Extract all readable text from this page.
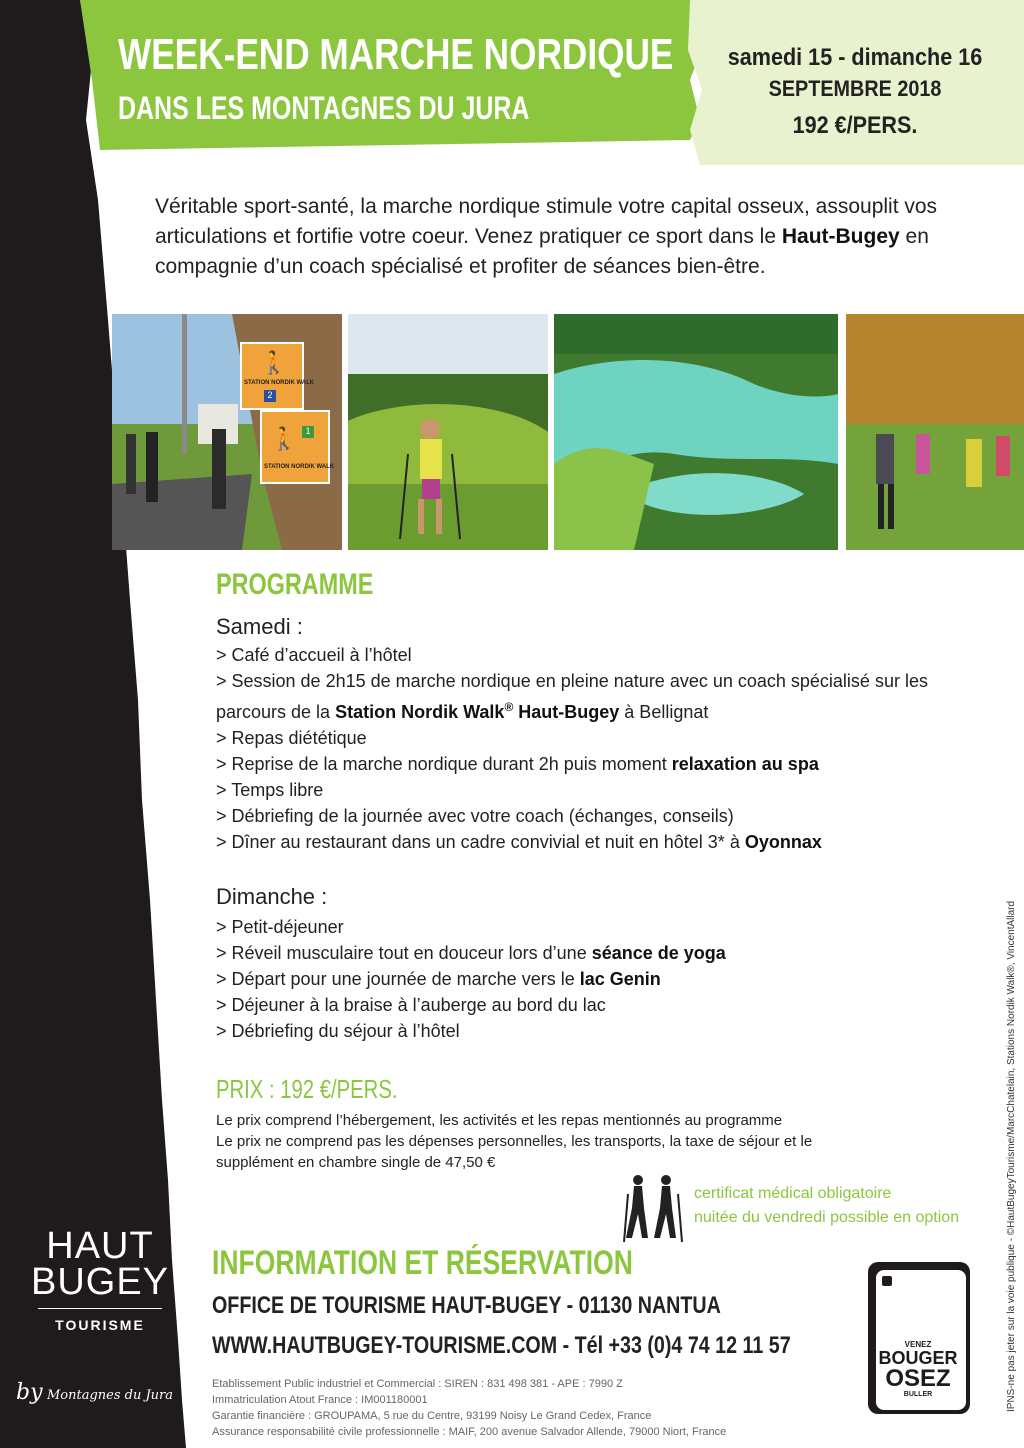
WEEK-END MARCHE NORDIQUE
DANS LES MONTAGNES DU JURA
samedi 15 - dimanche 16
SEPTEMBRE 2018
192 €/PERS.
Véritable sport-santé, la marche nordique stimule votre capital osseux, assouplit vos articulations et fortifie votre coeur. Venez pratiquer ce sport dans le Haut-Bugey en compagnie d’un coach spécialisé et profiter de séances bien-être.
🚶
STATION NORDIK WALK
2
🚶 1
STATION NORDIK WALK
PROGRAMME
Samedi :
> Café d’accueil à l’hôtel
> Session de 2h15 de marche nordique en pleine nature avec un coach spécialisé sur les
parcours de la Station Nordik Walk® Haut-Bugey à Bellignat
> Repas diététique
> Reprise de la marche nordique durant 2h puis moment relaxation au spa
> Temps libre
> Débriefing de la journée avec votre coach (échanges, conseils)
> Dîner au restaurant dans un cadre convivial et nuit en hôtel 3* à Oyonnax
Dimanche :
> Petit-déjeuner
> Réveil musculaire tout en douceur lors d’une séance de yoga
> Départ pour une journée de marche vers le lac Genin
> Déjeuner à la braise à l’auberge au bord du lac
> Débriefing du séjour à l’hôtel
PRIX : 192 €/PERS.
Le prix comprend l’hébergement, les activités et les repas mentionnés au programme
Le prix ne comprend pas les dépenses personnelles, les transports, la taxe de séjour et le
supplément en chambre single de 47,50 €
certificat médical obligatoire
nuitée du vendredi possible en option
INFORMATION ET RÉSERVATION
OFFICE DE TOURISME HAUT-BUGEY - 01130 NANTUA
WWW.HAUTBUGEY-TOURISME.COM - Tél +33 (0)4 74 12 11 57
Etablissement Public industriel et Commercial : SIREN : 831 498 381 - APE : 7990 Z
Immatriculation Atout France : IM001180001
Garantie financière : GROUPAMA, 5 rue du Centre, 93199 Noisy Le Grand Cedex, France
Assurance responsabilité civile professionnelle : MAIF, 200 avenue Salvador Allende, 79000 Niort, France
HAUT
BUGEY
TOURISME
by Montagnes du Jura
VENEZ
BOUGER
OSEZ
BULLER	IPNS-ne pas jeter sur la voie publique - ©HautBugeyTourisme/MarcChatelain, Stations Nordik Walk®, VincentAllard
